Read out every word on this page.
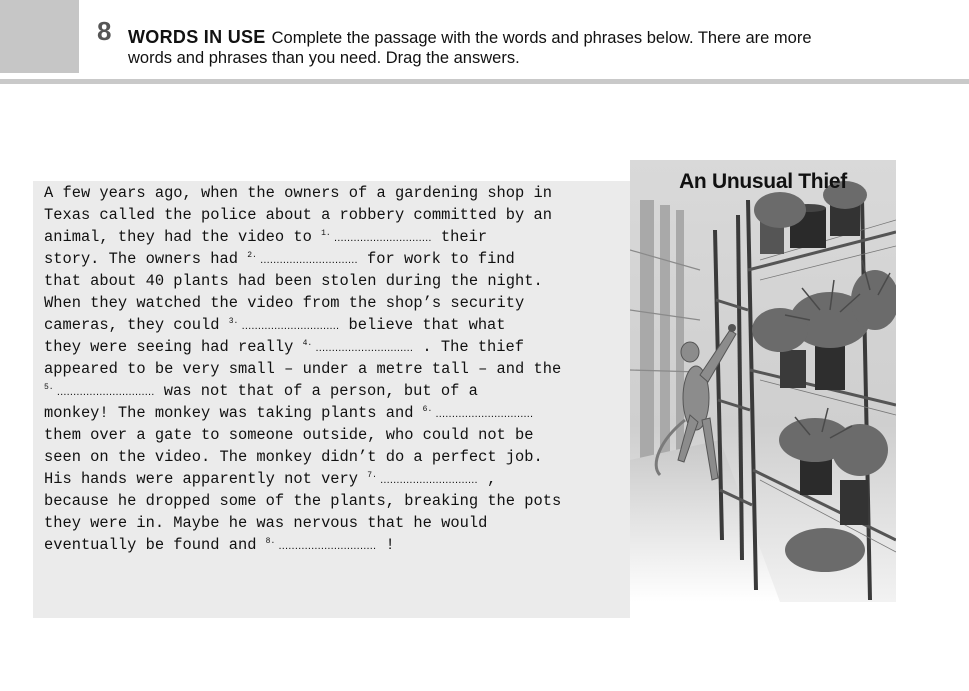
8 WORDS IN USE Complete the passage with the words and phrases below. There are more
words and phrases than you need. Drag the answers.
A few years ago, when the owners of a gardening shop in
Texas called the police about a robbery committed by an
animal, they had the video to $^{1.}$ .............................. their
story. The owners had $^{2.}$ .............................. for work to find
that about 40 plants had been stolen during the night.
When they watched the video from the shop’s security
cameras, they could $^{3.}$ .............................. believe that what
they were seeing had really $^{4.}$ .............................. . The thief
appeared to be very small – under a metre tall – and the
$^{5.}$ .............................. was not that of a person, but of a
monkey! The monkey was taking plants and $^{6.}$ ..............................
them over a gate to someone outside, who could not be
seen on the video. The monkey didn’t do a perfect job.
His hands were apparently not very $^{7.}$ .............................. ,
because he dropped some of the plants, breaking the pots
they were in. Maybe he was nervous that he would
eventually be found and $^{8.}$ .............................. !
An Unusual Thief
